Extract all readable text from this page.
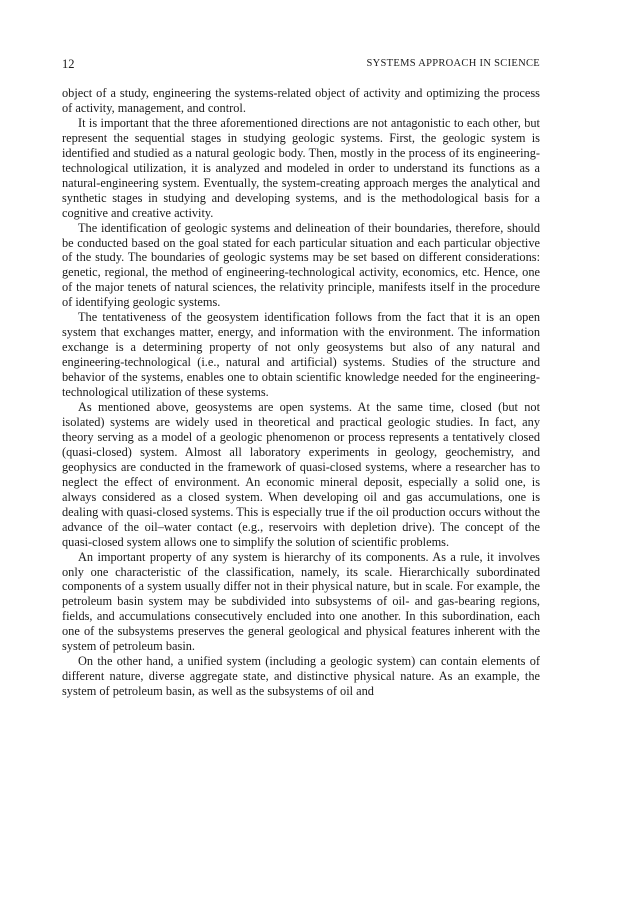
12	SYSTEMS APPROACH IN SCIENCE

object of a study, engineering the systems-related object of activity and optimizing the process of activity, management, and control.

It is important that the three aforementioned directions are not antagonistic to each other, but represent the sequential stages in studying geologic systems. First, the geologic system is identified and studied as a natural geologic body. Then, mostly in the process of its engineering-technological utilization, it is analyzed and modeled in order to understand its functions as a natural-engineering system. Eventually, the system-creating approach merges the analytical and synthetic stages in studying and developing systems, and is the methodological basis for a cognitive and creative activity.

The identification of geologic systems and delineation of their boundaries, therefore, should be conducted based on the goal stated for each particular situation and each particular objective of the study. The boundaries of geologic systems may be set based on different considerations: genetic, regional, the method of engineering-technological activity, economics, etc. Hence, one of the major tenets of natural sciences, the relativity principle, manifests itself in the procedure of identifying geologic systems.

The tentativeness of the geosystem identification follows from the fact that it is an open system that exchanges matter, energy, and information with the environment. The information exchange is a determining property of not only geosystems but also of any natural and engineering-technological (i.e., natural and artificial) systems. Studies of the structure and behavior of the systems, enables one to obtain scientific knowledge needed for the engineering-technological utilization of these systems.

As mentioned above, geosystems are open systems. At the same time, closed (but not isolated) systems are widely used in theoretical and practical geologic studies. In fact, any theory serving as a model of a geologic phenomenon or process represents a tentatively closed (quasi-closed) system. Almost all laboratory experiments in geology, geochemistry, and geophysics are conducted in the framework of quasi-closed systems, where a researcher has to neglect the effect of environment. An economic mineral deposit, especially a solid one, is always considered as a closed system. When developing oil and gas accumulations, one is dealing with quasi-closed systems. This is especially true if the oil production occurs without the advance of the oil–water contact (e.g., reservoirs with depletion drive). The concept of the quasi-closed system allows one to simplify the solution of scientific problems.

An important property of any system is hierarchy of its components. As a rule, it involves only one characteristic of the classification, namely, its scale. Hierarchically subordinated components of a system usually differ not in their physical nature, but in scale. For example, the petroleum basin system may be subdivided into subsystems of oil- and gas-bearing regions, fields, and accumulations consecutively encluded into one another. In this subordination, each one of the subsystems preserves the general geological and physical features inherent with the system of petroleum basin.

On the other hand, a unified system (including a geologic system) can contain elements of different nature, diverse aggregate state, and distinctive physical nature. As an example, the system of petroleum basin, as well as the subsystems of oil and
